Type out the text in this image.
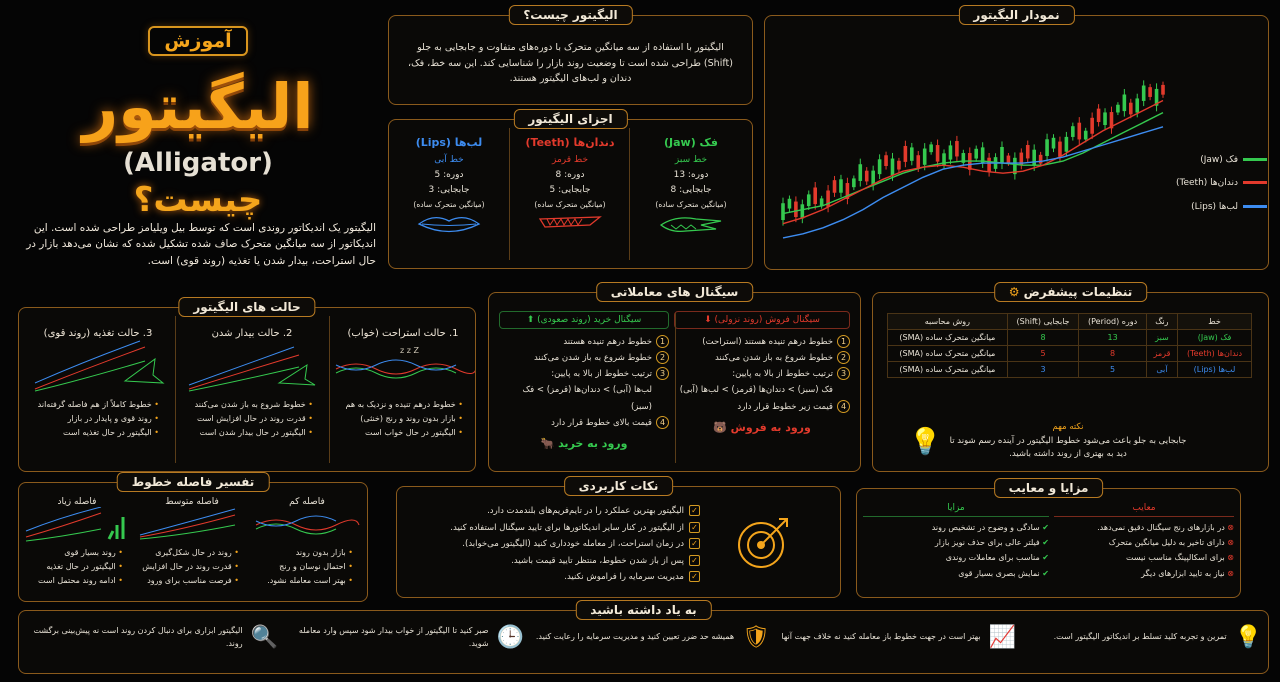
آموزش
الیگیتور
(Alligator)
چیست؟
الیگیتور یک اندیکاتور روندی است که توسط بیل ویلیامز طراحی شده است. این اندیکاتور از سه میانگین متحرک صاف شده تشکیل شده که نشان می‌دهد بازار در حال استراحت، بیدار شدن یا تغذیه (روند قوی) است.
الیگیتور چیست؟
الیگیتور با استفاده از سه میانگین متحرک با دوره‌های متفاوت و جابجایی به جلو (Shift) طراحی شده است تا وضعیت روند بازار را شناسایی کند. این سه خط، فک، دندان و لب‌های الیگیتور هستند.
اجزای الیگیتور
فک (Jaw)
خط سبز
دوره: 13
جابجایی: 8
(میانگین متحرک ساده)
دندان‌ها (Teeth)
خط قرمز
دوره: 8
جابجایی: 5
(میانگین متحرک ساده)
لب‌ها (Lips)
خط آبی
دوره: 5
جابجایی: 3
(میانگین متحرک ساده)
نمودار الیگیتور
فک (Jaw)
دندان‌ها (Teeth)
لب‌ها (Lips)
حالت های الیگیتور
3. حالت تغذیه (روند قوی)
• خطوط کاملاً از هم فاصله گرفته‌اند
• روند قوی و پایدار در بازار
• الیگیتور در حال تغذیه است
2. حالت بیدار شدن
• خطوط شروع به باز شدن می‌کنند
• قدرت روند در حال افزایش است
• الیگیتور در حال بیدار شدن است
1. حالت استراحت (خواب)
z z Z
• خطوط درهم تنیده و نزدیک به هم
• بازار بدون روند و رنج (خنثی)
• الیگیتور در حال خواب است
سیگنال های معاملاتی
سیگنال فروش (روند نزولی) ⬇
1خطوط درهم تنیده هستند (استراحت)
2خطوط شروع به باز شدن می‌کنند
3ترتیب خطوط از بالا به پایین:
فک (سبز) > دندان‌ها (قرمز) > لب‌ها (آبی)
4قیمت زیر خطوط قرار دارد
ورود به فروش 🐻
سیگنال خرید (روند صعودی) ⬆
1خطوط درهم تنیده هستند
2خطوط شروع به باز شدن می‌کنند
3ترتیب خطوط از بالا به پایین:
لب‌ها (آبی) > دندان‌ها (قرمز) > فک (سبز)
4قیمت بالای خطوط قرار دارد
ورود به خرید 🐂
تنظیمات پیشفرض ⚙
خط	رنگ	دوره (Period)	جابجایی (Shift)	روش محاسبه
فک (Jaw)	سبز	13	8	میانگین متحرک ساده (SMA)
دندان‌ها (Teeth)	قرمز	8	5	میانگین متحرک ساده (SMA)
لب‌ها (Lips)	آبی	5	3	میانگین متحرک ساده (SMA)
نکته مهم
جابجایی به جلو باعث می‌شود خطوط الیگیتور در آینده رسم شوند تا دید به بهتری از روند داشته باشید.
💡
تفسیر فاصله خطوط
فاصله کم
• بازار بدون روند
• احتمال نوسان و رنج
• بهتر است معامله نشود.
فاصله متوسط
• روند در حال شکل‌گیری
• قدرت روند در حال افزایش
• فرصت مناسب برای ورود
فاصله زیاد
• روند بسیار قوی
• الیگیتور در حال تغذیه
• ادامه روند محتمل است
نکات کاربردی
✓الیگیتور بهترین عملکرد را در تایم‌فریم‌های بلندمدت دارد.
✓از الیگیتور در کنار سایر اندیکاتورها برای تایید سیگنال استفاده کنید.
✓در زمان استراحت، از معامله خودداری کنید (الیگیتور می‌خوابد).
✓پس از باز شدن خطوط، منتظر تایید قیمت باشید.
✓مدیریت سرمایه را فراموش نکنید.
مزایا و معایب
معایب
⊗ در بازارهای رنج سیگنال دقیق نمی‌دهد.
⊗ دارای تاخیر به دلیل میانگین متحرک
⊗ برای اسکالپینگ مناسب نیست
⊗ نیاز به تایید ابزارهای دیگر
مزایا
✔ سادگی و وضوح در تشخیص روند
✔ فیلتر عالی برای حذف نویز بازار
✔ مناسب برای معاملات روندی
✔ نمایش بصری بسیار قوی
به یاد داشته باشید
💡
تمرین و تجربه کلید تسلط بر اندیکاتور الیگیتور است.
📈
بهتر است در جهت خطوط باز معامله کنید نه خلاف جهت آنها
🛡
همیشه حد ضرر تعیین کنید و مدیریت سرمایه را رعایت کنید.
🕒
صبر کنید تا الیگیتور از خواب بیدار شود سپس وارد معامله شوید.
🔍
الیگیتور ابزاری برای دنبال کردن روند است نه پیش‌بینی برگشت روند.
